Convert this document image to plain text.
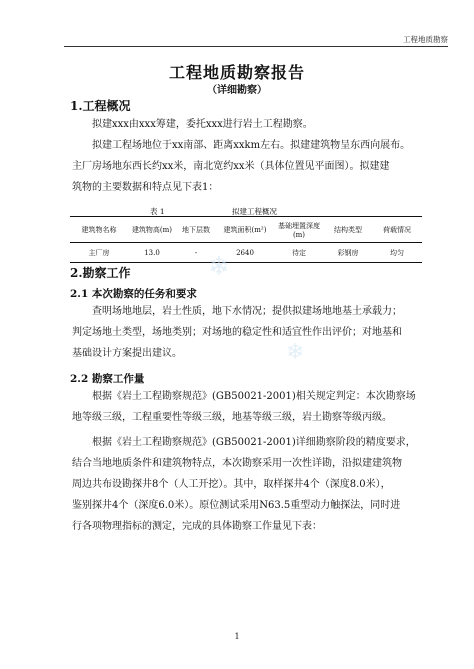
工程地质勘察
工程地质勘察报告
（详细勘察）
1.工程概况
拟建xxx由xxx筹建，委托xxx进行岩土工程勘察。
拟建工程场地位于xx南部、距离xxkm左右。拟建建筑物呈东西向展布。
主厂房场地东西长约xx米，南北宽约xx米（具体位置见平面图）。拟建建
筑物的主要数据和特点见下表1：
表 1	拟建工程概况
建筑物名称	建筑物高(m)	地下层数	建筑面积(m²)	基础埋置深度(m)	结构类型	荷载情况
主厂房	13.0	-	2640	待定	彩钢房	均匀
❄
❄
2.勘察工作
2.1 本次勘察的任务和要求
查明场地地层，岩土性质，地下水情况；提供拟建场地地基土承载力；
判定场地土类型，场地类别；对场地的稳定性和适宜性作出评价；对地基和
基础设计方案提出建议。
2.2 勘察工作量
根据《岩土工程勘察规范》(GB50021-2001)相关规定判定：本次勘察场
地等级三级，工程重要性等级三级，地基等级三级，岩土勘察等级丙级。
根据《岩土工程勘察规范》(GB50021-2001)详细勘察阶段的精度要求，
结合当地地质条件和建筑物特点，本次勘察采用一次性详勘，沿拟建建筑物
周边共布设勘探井8个（人工开挖）。其中，取样探井4个（深度8.0米），
鉴别探井4个（深度6.0米）。原位测试采用N63.5重型动力触探法，同时进
行各项物理指标的测定，完成的具体勘察工作量见下表：
1
